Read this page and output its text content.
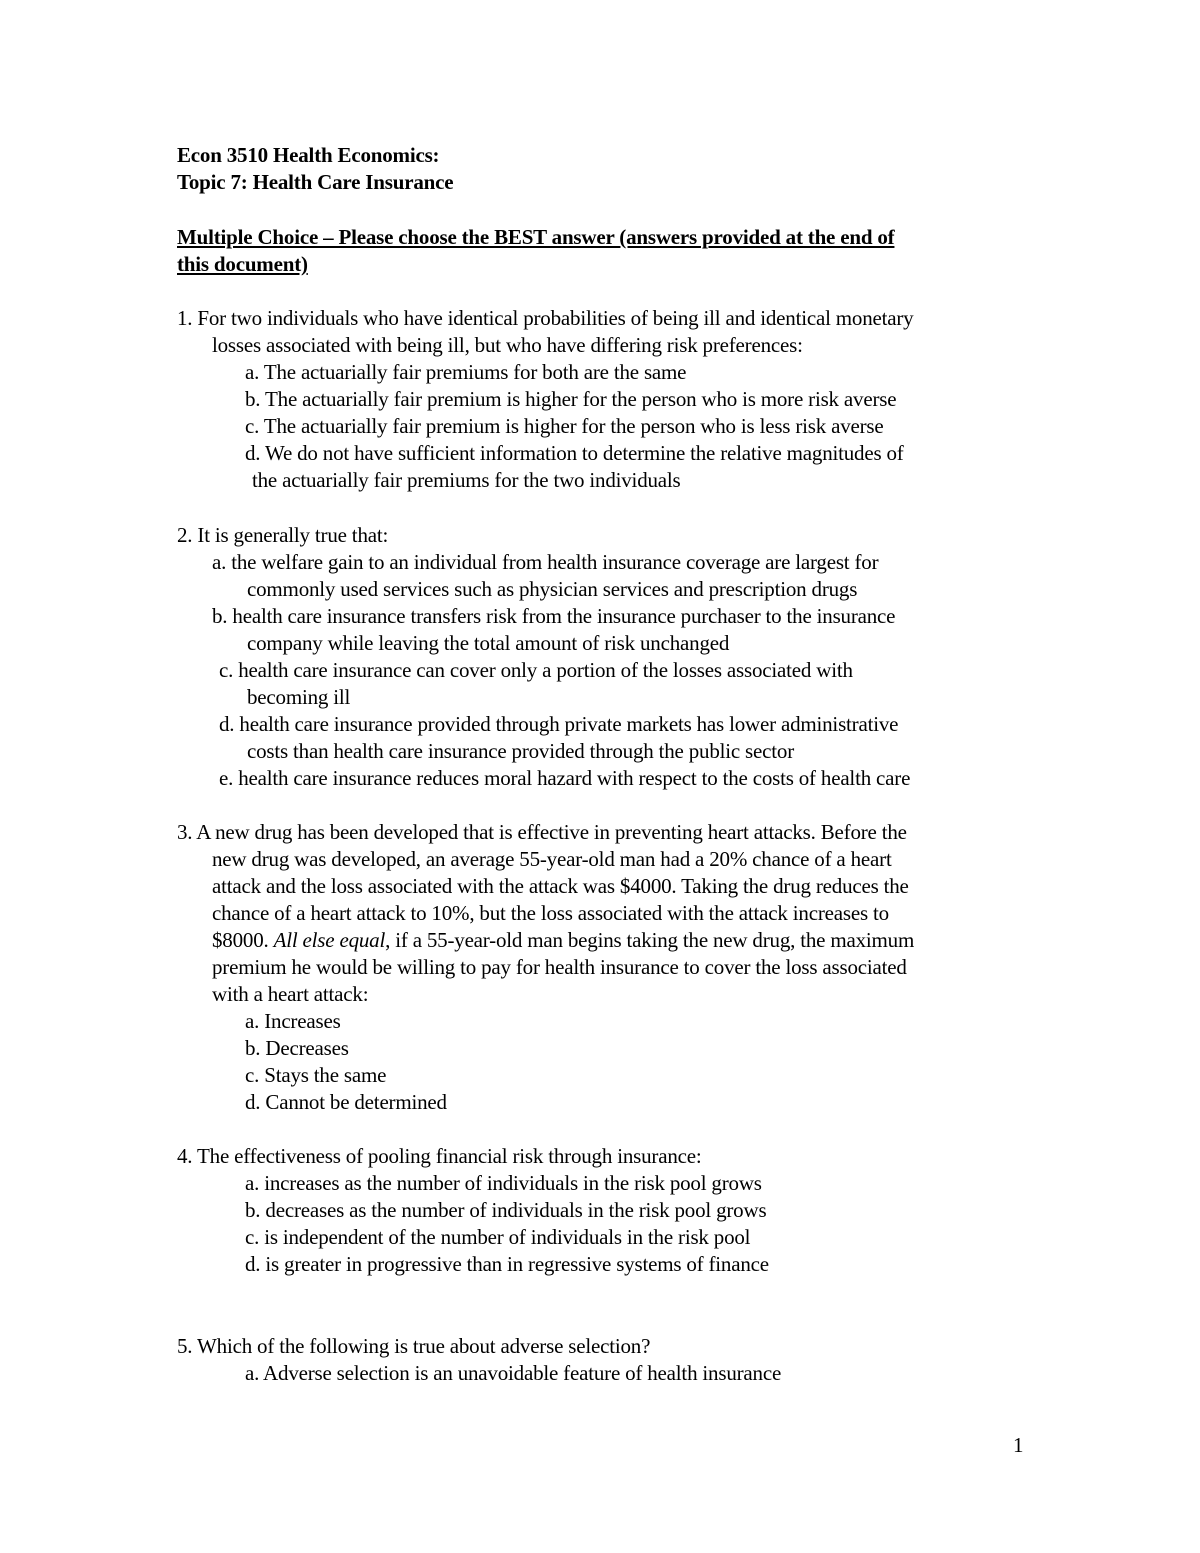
Econ 3510 Health Economics:
Topic 7: Health Care Insurance
Multiple Choice – Please choose the BEST answer (answers provided at the end of
this document)
1. For two individuals who have identical probabilities of being ill and identical monetary
losses associated with being ill, but who have differing risk preferences:
a. The actuarially fair premiums for both are the same
b. The actuarially fair premium is higher for the person who is more risk averse
c. The actuarially fair premium is higher for the person who is less risk averse
d. We do not have sufficient information to determine the relative magnitudes of
the actuarially fair premiums for the two individuals
2. It is generally true that:
a. the welfare gain to an individual from health insurance coverage are largest for
commonly used services such as physician services and prescription drugs
b. health care insurance transfers risk from the insurance purchaser to the insurance
company while leaving the total amount of risk unchanged
c. health care insurance can cover only a portion of the losses associated with
becoming ill
d. health care insurance provided through private markets has lower administrative
costs than health care insurance provided through the public sector
e. health care insurance reduces moral hazard with respect to the costs of health care
3. A new drug has been developed that is effective in preventing heart attacks. Before the
new drug was developed, an average 55-year-old man had a 20% chance of a heart
attack and the loss associated with the attack was $4000. Taking the drug reduces the
chance of a heart attack to 10%, but the loss associated with the attack increases to
$8000. All else equal, if a 55-year-old man begins taking the new drug, the maximum
premium he would be willing to pay for health insurance to cover the loss associated
with a heart attack:
a. Increases
b. Decreases
c. Stays the same
d. Cannot be determined
4. The effectiveness of pooling financial risk through insurance:
a. increases as the number of individuals in the risk pool grows
b. decreases as the number of individuals in the risk pool grows
c. is independent of the number of individuals in the risk pool
d. is greater in progressive than in regressive systems of finance
5. Which of the following is true about adverse selection?
a. Adverse selection is an unavoidable feature of health insurance
1
